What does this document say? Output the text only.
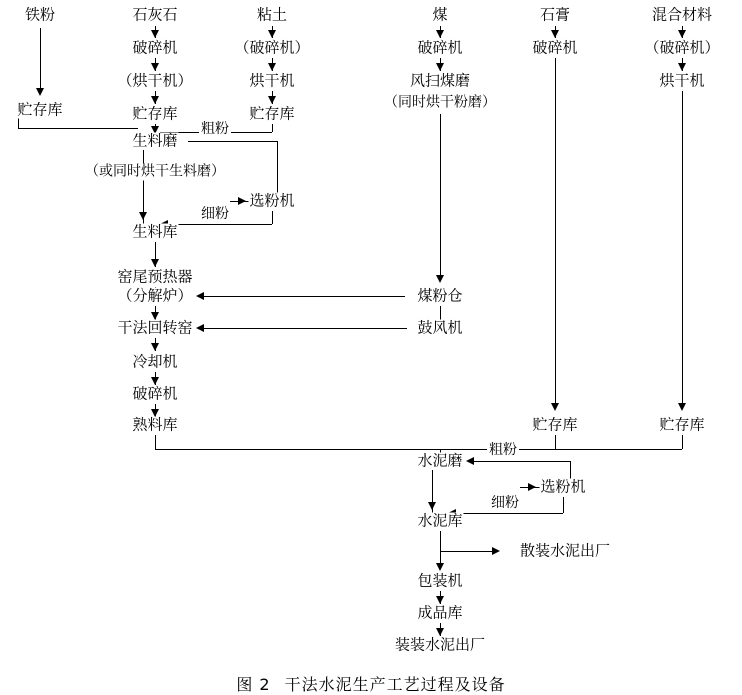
铁粉
贮存库
石灰石
破碎机
（烘干机）
贮存库
粘土
（破碎机）
烘干机
贮存库
生料磨
（或同时烘干生料磨）
粗粉
选粉机
细粉
生料库
窑尾预热器
（分解炉）
干法回转窑
冷却机
破碎机
熟料库
煤
破碎机
风扫煤磨
（同时烘干粉磨）
煤粉仓
鼓风机
石膏
破碎机
贮存库
混合材料
（破碎机）
烘干机
贮存库
水泥磨
粗粉
选粉机
细粉
水泥库
散装水泥出厂
包装机
成品库
装装水泥出厂
图 2 干法水泥生产工艺过程及设备
